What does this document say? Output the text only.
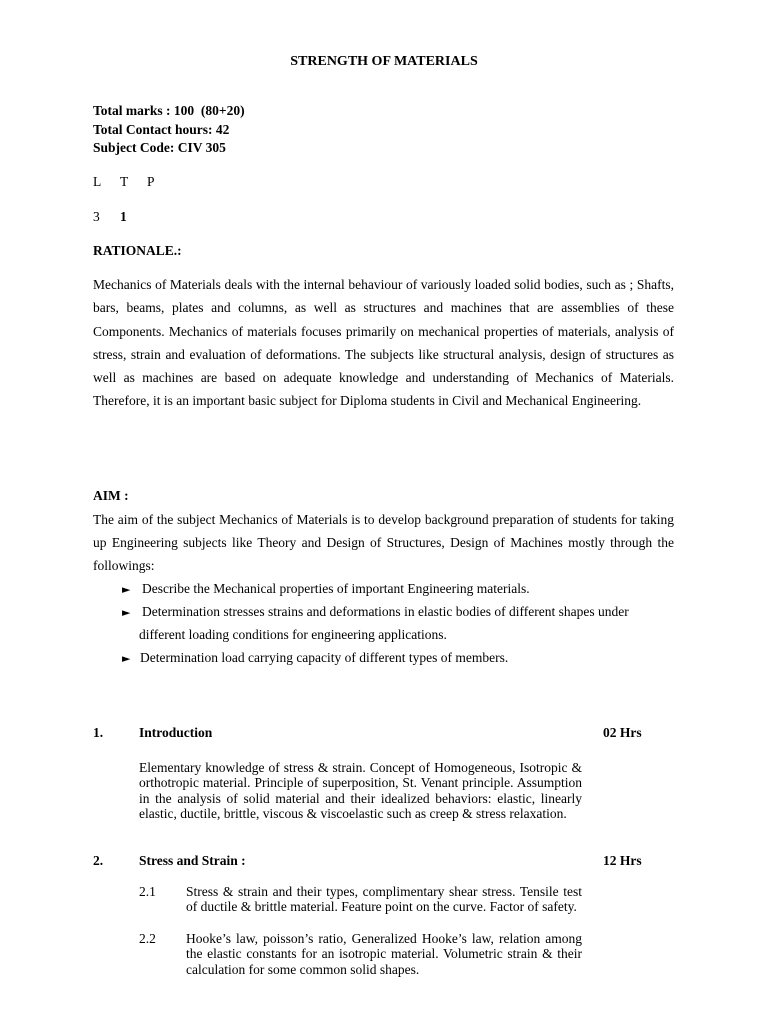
STRENGTH OF MATERIALS
Total marks : 100  (80+20)
Total Contact hours: 42
Subject Code: CIV 305
L T P
3 1
RATIONALE.:
Mechanics of Materials deals with the internal behaviour of variously loaded solid bodies, such as ; Shafts, bars, beams, plates and columns, as well as structures and machines that are assemblies of these Components. Mechanics of materials focuses primarily on mechanical properties of materials, analysis of stress, strain and evaluation of deformations. The subjects like structural analysis, design of structures as well as machines are based on adequate knowledge and understanding of Mechanics of Materials. Therefore, it is an important basic subject for Diploma students in Civil and Mechanical Engineering.
AIM :
The aim of the subject Mechanics of Materials is to develop background preparation of students for taking up Engineering subjects like Theory and Design of Structures, Design of Machines mostly through the followings:
► Describe the Mechanical properties of important Engineering materials.
► Determination stresses strains and deformations in elastic bodies of different shapes under
different loading conditions for engineering applications.
► Determination load carrying capacity of different types of members.
1.	Introduction	02 Hrs
Elementary knowledge of stress & strain. Concept of Homogeneous, Isotropic & orthotropic material. Principle of superposition, St. Venant principle. Assumption in the analysis of solid material and their idealized behaviors: elastic, linearly elastic, ductile, brittle, viscous & viscoelastic such as creep & stress relaxation.
2.	Stress and Strain :	12 Hrs
2.1 Stress & strain and their types, complimentary shear stress. Tensile test of ductile & brittle material. Feature point on the curve. Factor of safety.
2.2 Hooke’s law, poisson’s ratio, Generalized Hooke’s law, relation among the elastic constants for an isotropic material. Volumetric strain & their calculation for some common solid shapes.
